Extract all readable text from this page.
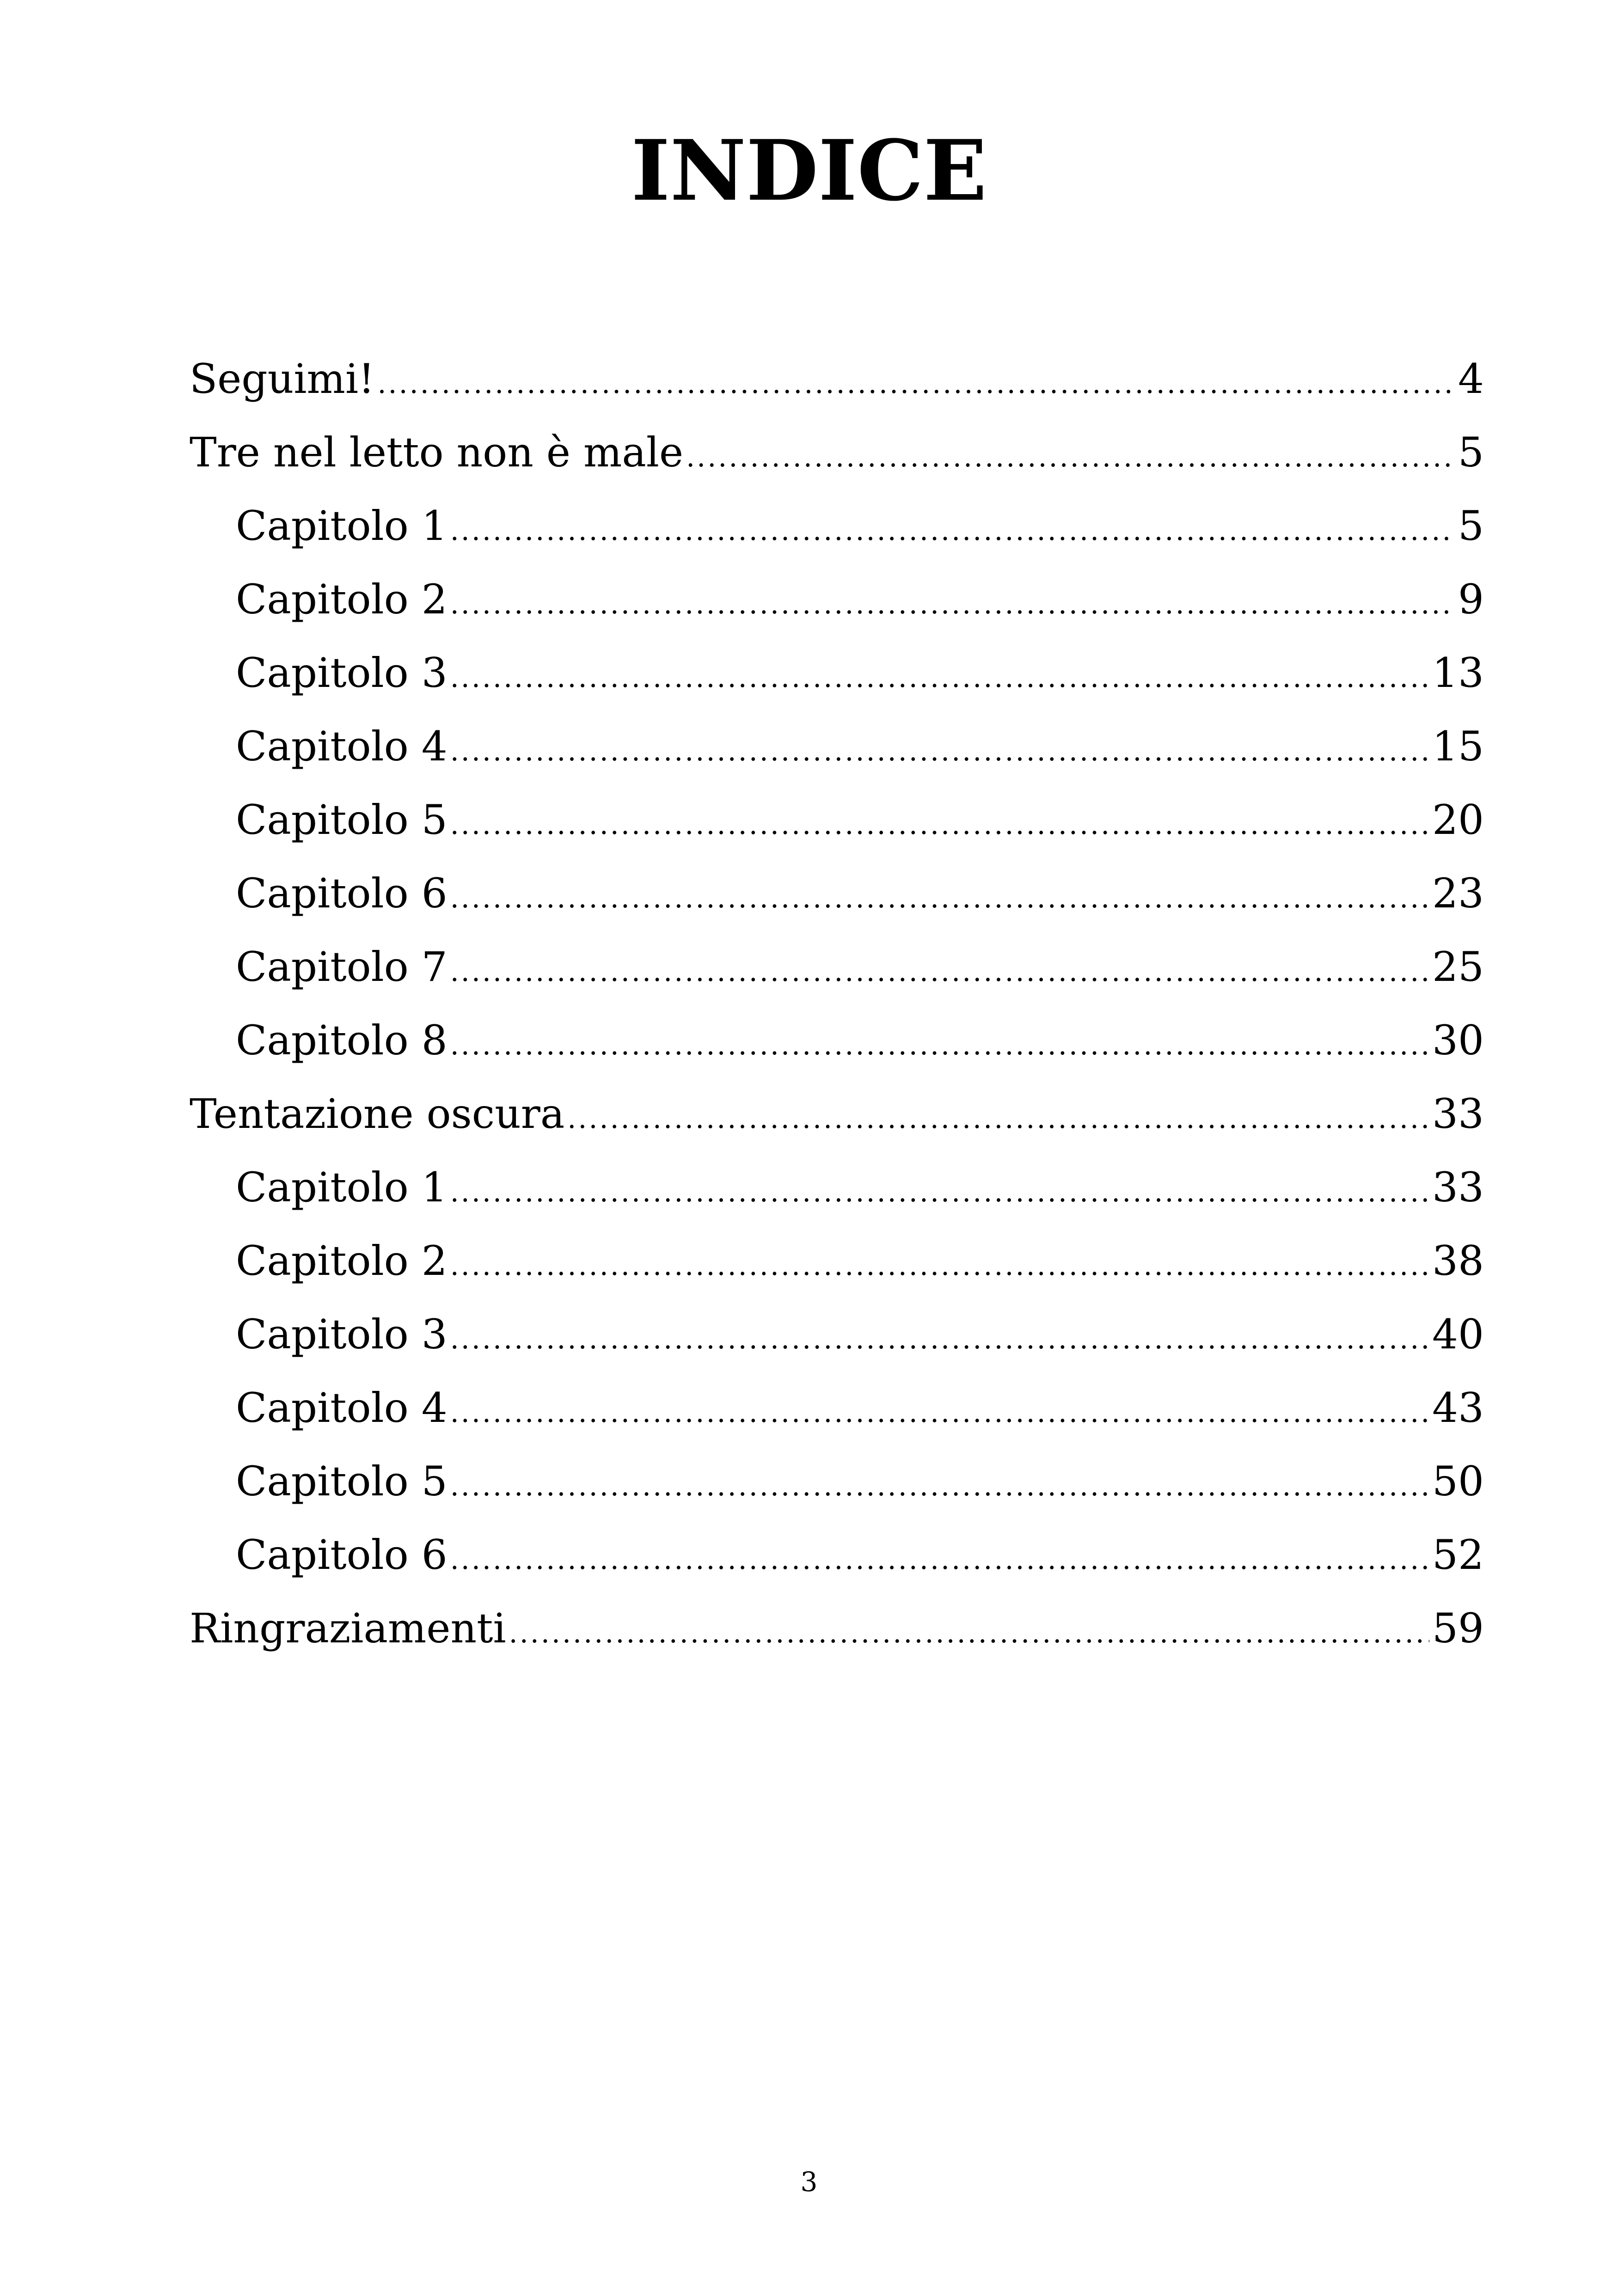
INDICE
Seguimi! .....	4
Tre nel letto non è male .....	5
Capitolo 1 .....	5
Capitolo 2 .....	9
Capitolo 3 .....	13
Capitolo 4 .....	15
Capitolo 5 .....	20
Capitolo 6 .....	23
Capitolo 7 .....	25
Capitolo 8 .....	30
Tentazione oscura .....	33
Capitolo 1 .....	33
Capitolo 2 .....	38
Capitolo 3 .....	40
Capitolo 4 .....	43
Capitolo 5 .....	50
Capitolo 6 .....	52
Ringraziamenti .....	59
3
